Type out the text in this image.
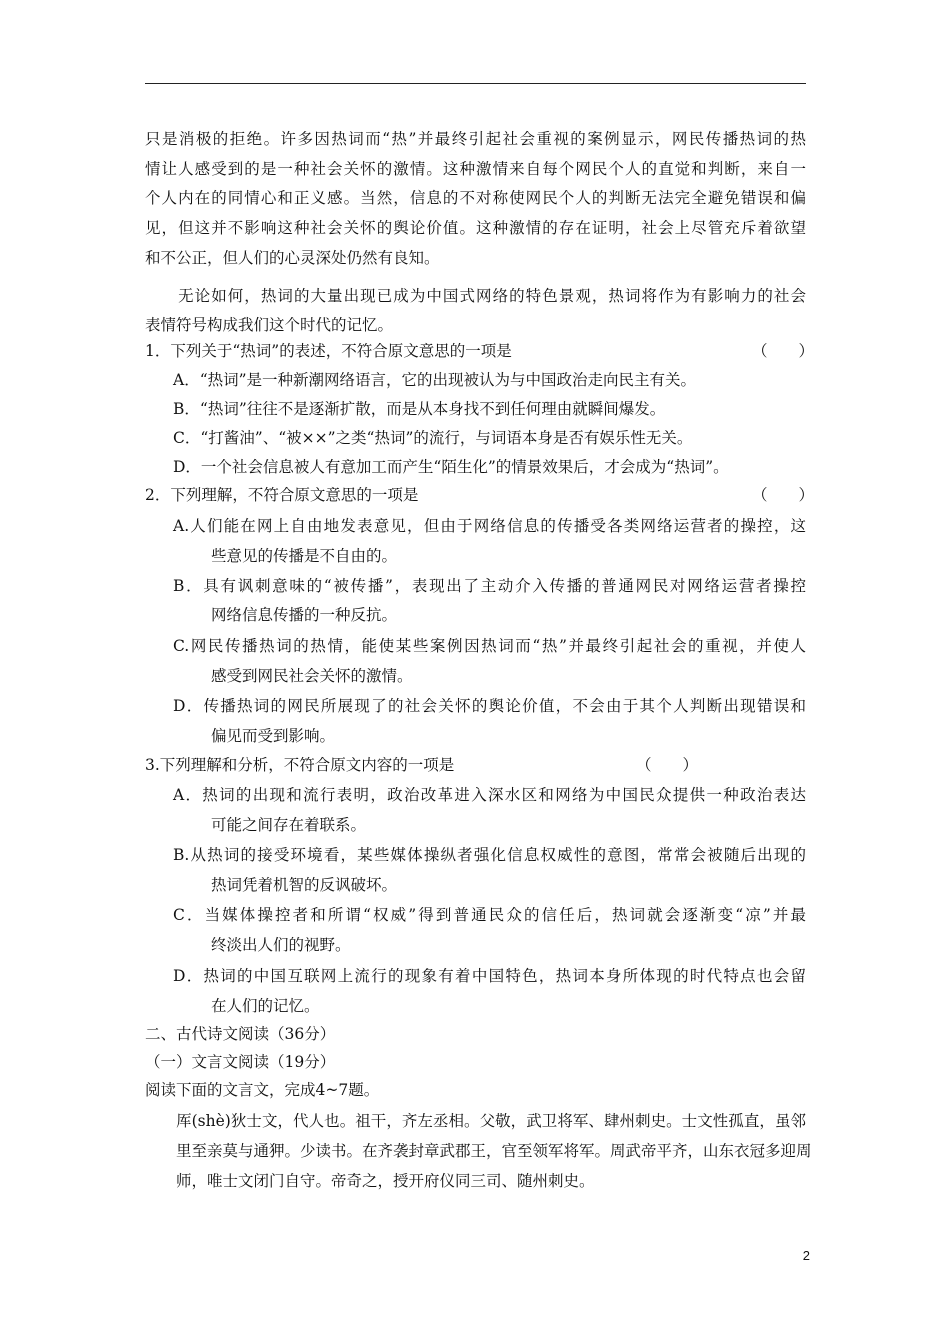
只是消极的拒绝。许多因热词而“热”并最终引起社会重视的案例显示，网民传播热词的热
情让人感受到的是一种社会关怀的激情。这种激情来自每个网民个人的直觉和判断，来自一
个人内在的同情心和正义感。当然，信息的不对称使网民个人的判断无法完全避免错误和偏
见，但这并不影响这种社会关怀的舆论价值。这种激情的存在证明，社会上尽管充斥着欲望
和不公正，但人们的心灵深处仍然有良知。
　　无论如何，热词的大量出现已成为中国式网络的特色景观，热词将作为有影响力的社会
表情符号构成我们这个时代的记忆。
1．下列关于“热词”的表述，不符合原文意思的一项是	（　　）
A．“热词”是一种新潮网络语言，它的出现被认为与中国政治走向民主有关。
B．“热词”往往不是逐渐扩散，而是从本身找不到任何理由就瞬间爆发。
C．“打酱油”、“被××”之类“热词”的流行，与词语本身是否有娱乐性无关。
D．一个社会信息被人有意加工而产生“陌生化”的情景效果后，才会成为“热词”。
2．下列理解，不符合原文意思的一项是	（　　）
A.人们能在网上自由地发表意见，但由于网络信息的传播受各类网络运营者的操控，这
些意见的传播是不自由的。
B．具有讽刺意味的“被传播”，表现出了主动介入传播的普通网民对网络运营者操控
网络信息传播的一种反抗。
C.网民传播热词的热情，能使某些案例因热词而“热”并最终引起社会的重视，并使人
感受到网民社会关怀的激情。
D．传播热词的网民所展现了的社会关怀的舆论价值，不会由于其个人判断出现错误和
偏见而受到影响。
3.下列理解和分析，不符合原文内容的一项是	（　　）
A．热词的出现和流行表明，政治改革进入深水区和网络为中国民众提供一种政治表达
可能之间存在着联系。
B.从热词的接受环境看，某些媒体操纵者强化信息权威性的意图，常常会被随后出现的
热词凭着机智的反讽破坏。
C．当媒体操控者和所谓“权威”得到普通民众的信任后，热词就会逐渐变“凉”并最
终淡出人们的视野。
D．热词的中国互联网上流行的现象有着中国特色，热词本身所体现的时代特点也会留
在人们的记忆。
二、古代诗文阅读（36分）
（一）文言文阅读（19分）
阅读下面的文言文，完成4~7题。
　　厍(shè)狄士文，代人也。祖干，齐左丞相。父敬，武卫将军、肆州刺史。士文性孤直，虽邻
　　里至亲莫与通狎。少读书。在齐袭封章武郡王，官至领军将军。周武帝平齐，山东衣冠多迎周
　　师，唯士文闭门自守。帝奇之，授开府仪同三司、随州刺史。
2
